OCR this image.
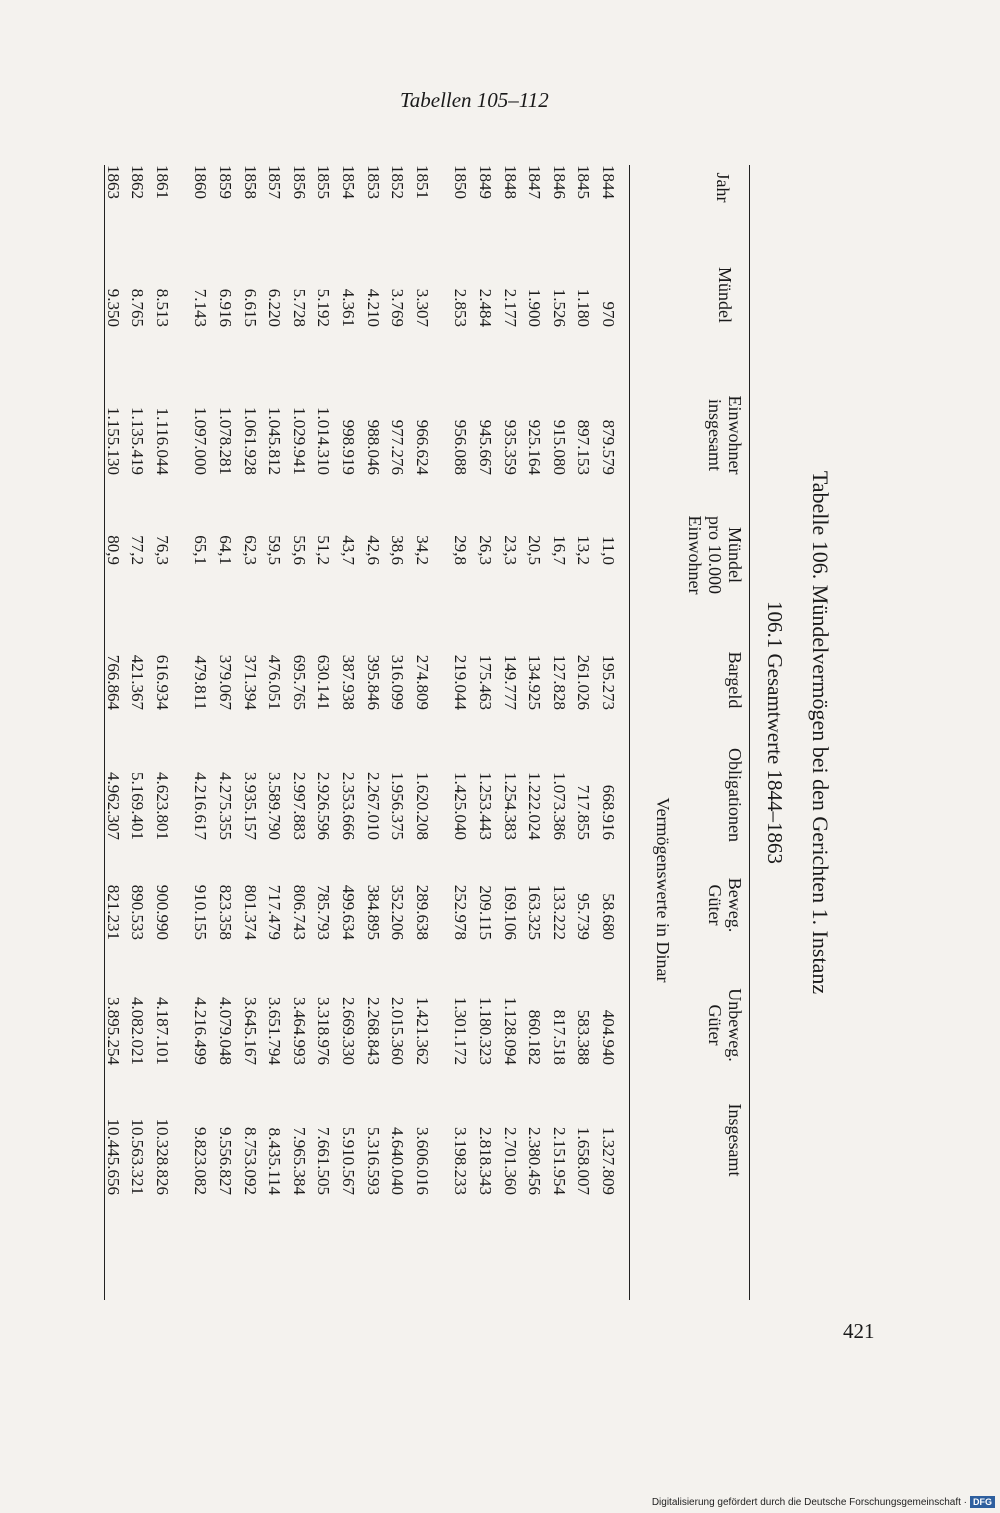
Tabellen 105–112
Tabelle 106. Mündelvermögen bei den Gerichten 1. Instanz
106.1 Gesamtwerte 1844–1863
Jahr
Mündel
Einwohner
insgesamt
Mündel
pro 10.000
Einwohner
Bargeld
Obligationen
Beweg.
Güter
Unbeweg.
Güter
Insgesamt
Vermögenswerte in Dinar
1844
1845
1846
1847
1848
1849
1850
1851
1852
1853
1854
1855
1856
1857
1858
1859
1860
1861
1862
1863
970
1.180
1.526
1.900
2.177
2.484
2.853
3.307
3.769
4.210
4.361
5.192
5.728
6.220
6.615
6.916
7.143
8.513
8.765
9.350
879.579
897.153
915.080
925.164
935.359
945.667
956.088
966.624
977.276
988.046
998.919
1.014.310
1.029.941
1.045.812
1.061.928
1.078.281
1.097.000
1.116.044
1.135.419
1.155.130
11,0
13,2
16,7
20,5
23,3
26,3
29,8
34,2
38,6
42,6
43,7
51,2
55,6
59,5
62,3
64,1
65,1
76,3
77,2
80,9
195.273
261.026
127.828
134.925
149.777
175.463
219.044
274.809
316.099
395.846
387.938
630.141
695.765
476.051
371.394
379.067
479.811
616.934
421.367
766.864
668.916
717.855
1.073.386
1.222.024
1.254.383
1.253.443
1.425.040
1.620.208
1.956.375
2.267.010
2.353.666
2.926.596
2.997.883
3.589.790
3.935.157
4.275.355
4.216.617
4.623.801
5.169.401
4.962.307
58.680
95.739
133.222
163.325
169.106
209.115
252.978
289.638
352.206
384.895
499.634
785.793
806.743
717.479
801.374
823.358
910.155
900.990
890.533
821.231
404.940
583.388
817.518
860.182
1.128.094
1.180.323
1.301.172
1.421.362
2.015.360
2.268.843
2.669.330
3.318.976
3.464.993
3.651.794
3.645.167
4.079.048
4.216.499
4.187.101
4.082.021
3.895.254
1.327.809
1.658.007
2.151.954
2.380.456
2.701.360
2.818.343
3.198.233
3.606.016
4.640.040
5.316.593
5.910.567
7.661.505
7.965.384
8.435.114
8.753.092
9.556.827
9.823.082
10.328.826
10.563.321
10.445.656
421
Digitalisierung gefördert durch die Deutsche Forschungsgemeinschaft · DFG
